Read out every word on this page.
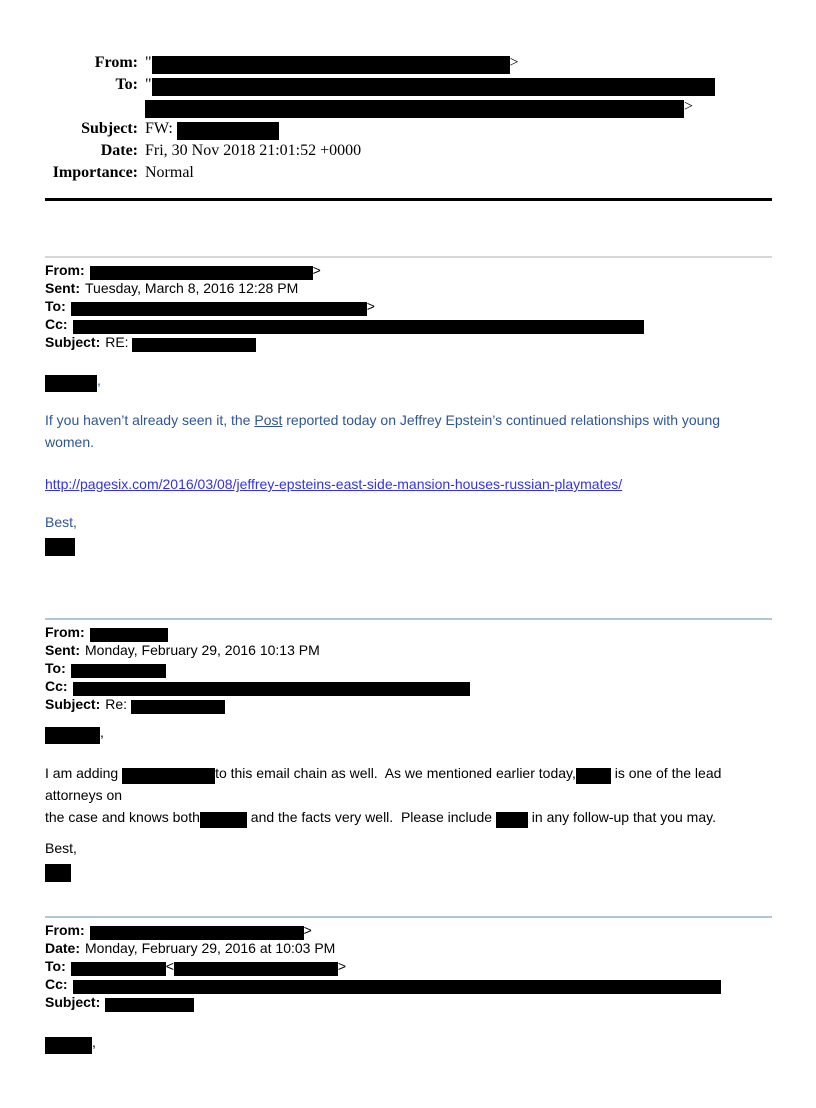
From: "	>
To: "
>
Subject: FW:
Date: Fri, 30 Nov 2018 21:01:52 +0000
Importance: Normal
From:	>
Sent: Tuesday, March 8, 2016 12:28 PM
To:	>
Cc:
Subject: RE:
,

If you haven’t already seen it, the Post reported today on Jeffrey Epstein’s continued relationships with young
women.

http://pagesix.com/2016/03/08/jeffrey-epsteins-east-side-mansion-houses-russian-playmates/

Best,

From:
Sent: Monday, February 29, 2016 10:13 PM
To:
Cc:
Subject: Re:
,

I am adding	to this email chain as well.  As we mentioned earlier today,	is one of the lead attorneys on
the case and knows both	and the facts very well.  Please include  in any follow-up that you may.

Best,

From:	>
Date: Monday, February 29, 2016 at 10:03 PM
To:	<	>
Cc:
Subject:
,
